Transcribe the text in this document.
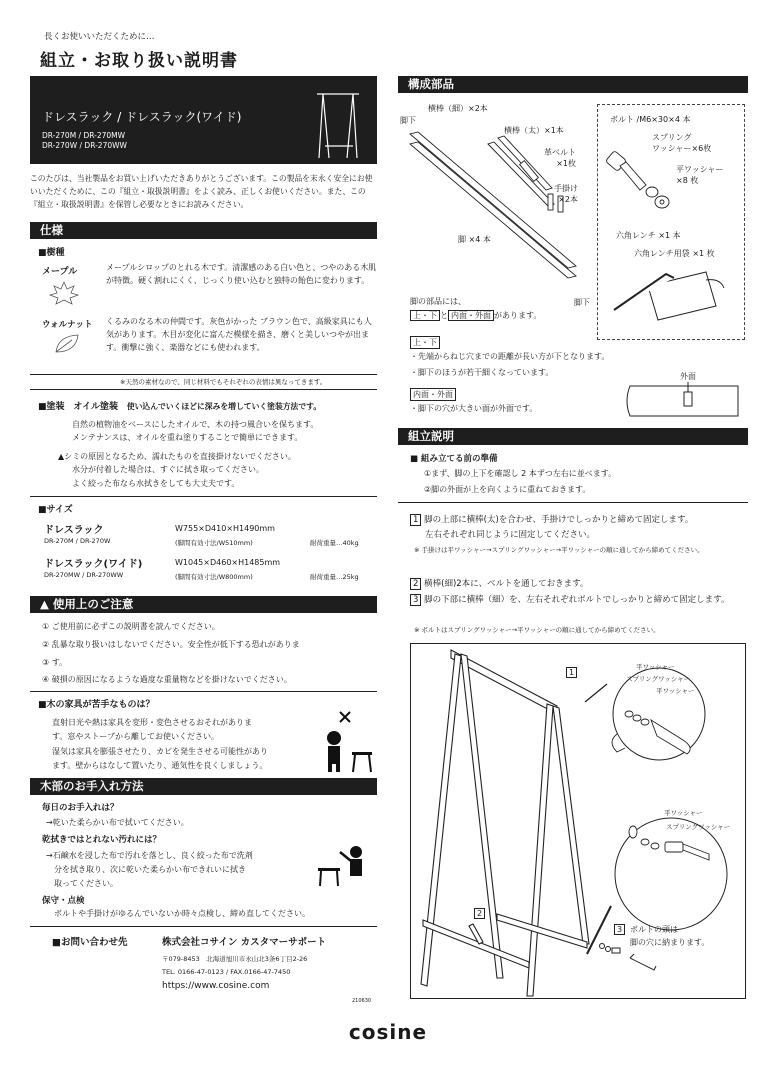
長くお使いいただくために…
組立・お取り扱い説明書
ドレスラック / ドレスラック(ワイド)
DR-270M / DR-270MW
DR-270W / DR-270WW
このたびは、当社製品をお買い上げいただきありがとうございます。この製品を末永く安全にお使いいただくために、この『組立・取扱説明書』をよく読み、正しくお使いください。また、この『組立・取扱説明書』を保管し必要なときにお読みください。
仕様
■樹種
メープル	メープルシロップのとれる木です。清潔感のある白い色と、つやのある木肌が特徴。硬く割れにくく、じっくり使い込むと独特の飴色に変わります。
ウォルナット くるみのなる木の仲間です。灰色がかった ブラウン色で、高級家具にも人気があります。木目が変化に富んだ模様を描き、磨くと美しいつやが出ます。衝撃に強く、楽器などにも使われます。
※天然の素材なので、同じ材料でもそれぞれの表情は異なってきます。
■塗装 オイル塗装 使い込んでいくほどに深みを増していく塗装方法です。
自然の植物油をベースにしたオイルで、木の持つ風合いを保ちます。
メンテナンスは、オイルを重ね塗りすることで簡単にできます。
▲シミの原因となるため、濡れたものを直接掛けないでください。
水分が付着した場合は、すぐに拭き取ってください。
よく絞った布なら水拭きをしても大丈夫です。
■サイズ
ドレスラック
DR-270M / DR-270W
W755×D410×H1490mm
(脚間有効寸法/W510mm)	耐荷重量…40kg
ドレスラック(ワイド)
DR-270MW / DR-270WW
W1045×D460×H1485mm
(脚間有効寸法/W800mm)	耐荷重量…25kg
▲ 使用上のご注意
① ご使用前に必ずこの説明書を読んでください。
② 乱暴な取り扱いはしないでください。安全性が低下する恐れがありま
③ す。
④ 破損の原因になるような過度な重量物などを掛けないでください。
■木の家具が苦手なものは？
直射日光や熱は家具を変形・変色させるおそれがありま
す。窓やストーブから離してお使いください。
湿気は家具を膨張させたり、カビを発生させる可能性があり
ます。壁からはなして置いたり、通気性を良くしましょう。
木部のお手入れ方法
毎日のお手入れは？
→乾いた柔らかい布で拭いてください。
乾拭きではとれない汚れには？
→石鹸水を浸した布で汚れを落とし、良く絞った布で洗剤
分を拭き取り、次に乾いた柔らかい布できれいに拭き
取ってください。
保守・点検
ボルトや手掛けがゆるんでいないか時々点検し、締め直してください。
■お問い合わせ先	株式会社コサイン カスタマーサポート
〒079-8453　北海道旭川市永山北3条6丁目2-26
TEL. 0166-47-0123 / FAX.0166-47-7450
https://www.cosine.com
210630
構成部品
脚下
横棒（細）×2本
横棒（太）×1本
革ベルト
×1枚
手掛け
×2本
脚 ×4 本
脚下
ボルト /M6×30×4 本
スプリング
ワッシャー×6枚
平ワッシャー
×8 枚
六角レンチ ×1 本
六角レンチ用袋 ×1 枚
脚の部品には、
上・下 と 内面・外面 があります。
上・下
・先端からねじ穴までの距離が長い方が下となります。
・脚下のほうが若干細くなっています。
内面・外面
・脚下の穴が大きい面が外面です。
外面
組立説明
■ 組み立てる前の準備
①まず、脚の上下を確認し 2 本ずつ左右に並べます。
②脚の外面が上を向くように重ねておきます。
1 脚の上部に横棒(太)を合わせ、手掛けでしっかりと締めて固定します。
左右それぞれ同じように固定してください。
※ 手掛けは平ワッシャー→スプリングワッシャー→平ワッシャーの順に通してから締めてください。
2 横棒(細)2本に、ベルトを通しておきます。
3 脚の下部に横棒（細）を、左右それぞれボルトでしっかりと締めて固定します。
※ ボルトはスプリングワッシャー→平ワッシャーの順に通してから締めてください。
1
2
3
平ワッシャー
スプリングワッシャー
平ワッシャー
平ワッシャー
スプリングワッシャー
ボルトの頭は
脚の穴に納まります。
cosine
